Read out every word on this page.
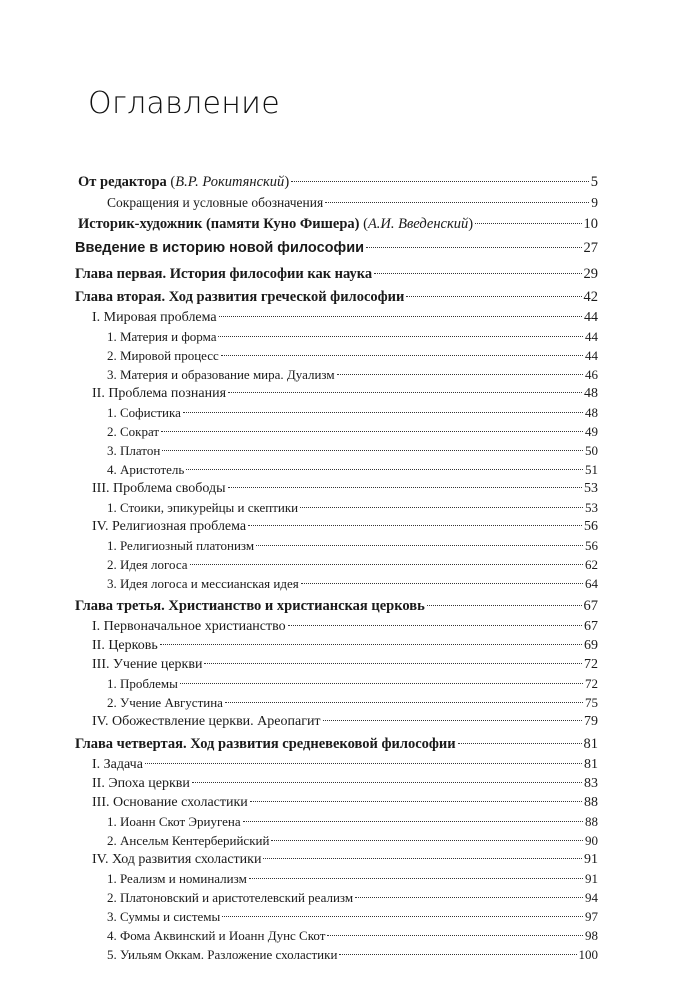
Оглавление
От редактора (В.Р. Рокитянский)	5
Сокращения и условные обозначения	9
Историк-художник (памяти Куно Фишера) (А.И. Введенский)	10
Введение в историю новой философии	27
Глава первая. История философии как наука	29
Глава вторая. Ход развития греческой философии	42
I. Мировая проблема	44
1. Материя и форма	44
2. Мировой процесс	44
3. Материя и образование мира. Дуализм	46
II. Проблема познания	48
1. Софистика	48
2. Сократ	49
3. Платон	50
4. Аристотель	51
III. Проблема свободы	53
1. Стоики, эпикурейцы и скептики	53
IV. Религиозная проблема	56
1. Религиозный платонизм	56
2. Идея логоса	62
3. Идея логоса и мессианская идея	64
Глава третья. Христианство и христианская церковь	67
I. Первоначальное христианство	67
II. Церковь	69
III. Учение церкви	72
1. Проблемы	72
2. Учение Августина	75
IV. Обожествление церкви. Ареопагит	79
Глава четвертая. Ход развития средневековой философии	81
I. Задача	81
II. Эпоха церкви	83
III. Основание схоластики	88
1. Иоанн Скот Эриугена	88
2. Ансельм Кентерберийский	90
IV. Ход развития схоластики	91
1. Реализм и номинализм	91
2. Платоновский и аристотелевский реализм	94
3. Суммы и системы	97
4. Фома Аквинский и Иоанн Дунс Скот	98
5. Уильям Оккам. Разложение схоластики	100
